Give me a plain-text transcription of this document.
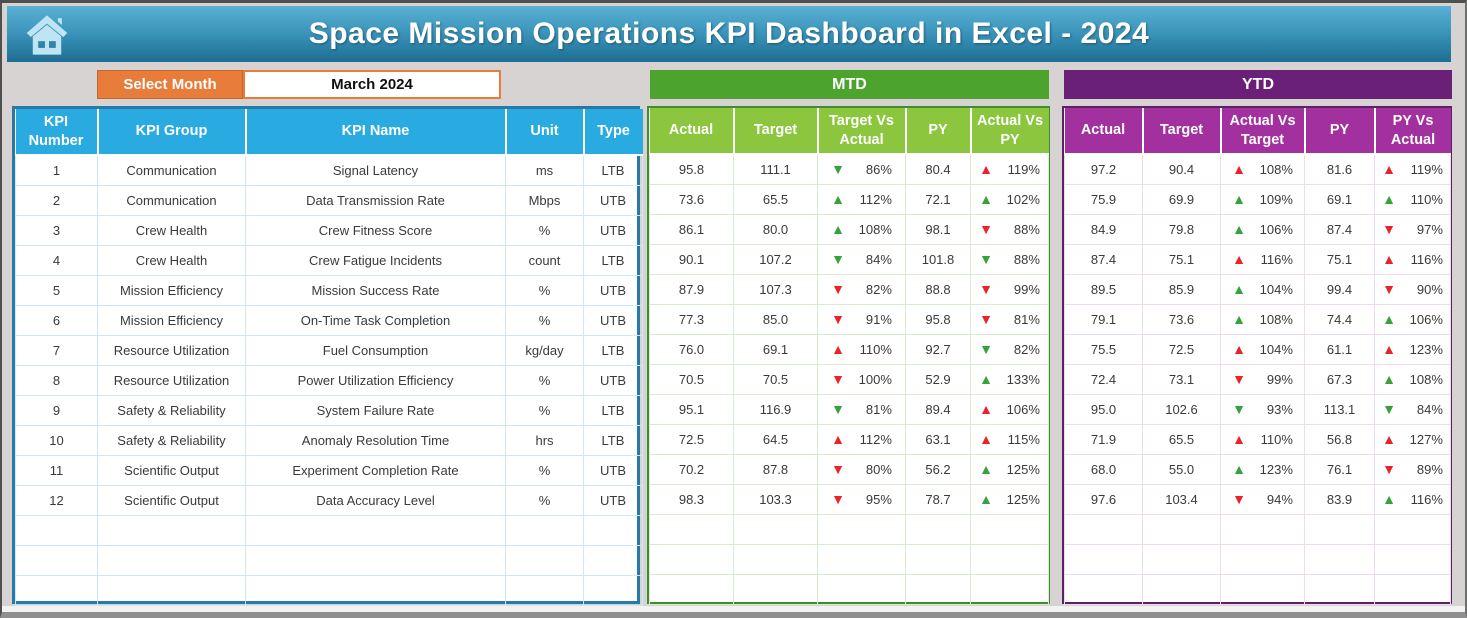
Space Mission Operations KPI Dashboard in Excel - 2024
Select Month	March 2024	MTD	YTD
KPI Number	KPI Group	KPI Name	Unit	Type
1	Communication	Signal Latency	ms	LTB
2	Communication	Data Transmission Rate	Mbps	UTB
3	Crew Health	Crew Fitness Score	%	UTB
4	Crew Health	Crew Fatigue Incidents	count	LTB
5	Mission Efficiency	Mission Success Rate	%	UTB
6	Mission Efficiency	On-Time Task Completion	%	UTB
7	Resource Utilization	Fuel Consumption	kg/day	LTB
8	Resource Utilization	Power Utilization Efficiency	%	UTB
9	Safety & Reliability	System Failure Rate	%	LTB
10	Safety & Reliability	Anomaly Resolution Time	hrs	LTB
11	Scientific Output	Experiment Completion Rate	%	UTB
12	Scientific Output	Data Accuracy Level	%	UTB

Actual	Target	Target Vs Actual	PY	Actual Vs PY
95.8	111.1	▼ 86%	80.4	▲ 119%

73.6	65.5	▲ 112%	72.1	▲ 102%

86.1	80.0	▲ 108%	98.1	▼ 88%

90.1	107.2	▼ 84%	101.8	▼ 88%

87.9	107.3	▼ 82%	88.8	▼ 99%

77.3	85.0	▼ 91%	95.8	▼ 81%

76.0	69.1	▲ 110%	92.7	▼ 82%

70.5	70.5	▼ 100%	52.9	▲ 133%

95.1	116.9	▼ 81%	89.4	▲ 106%

72.5	64.5	▲ 112%	63.1	▲ 115%

70.2	87.8	▼ 80%	56.2	▲ 125%

98.3	103.3	▼ 95%	78.7	▲ 125%

Actual	Target	Actual Vs Target	PY	PY Vs Actual
97.2	90.4	▲ 108%	81.6	▲ 119%

75.9	69.9	▲ 109%	69.1	▲ 110%

84.9	79.8	▲ 106%	87.4	▼ 97%

87.4	75.1	▲ 116%	75.1	▲ 116%

89.5	85.9	▲ 104%	99.4	▼ 90%

79.1	73.6	▲ 108%	74.4	▲ 106%

75.5	72.5	▲ 104%	61.1	▲ 123%

72.4	73.1	▼ 99%	67.3	▲ 108%

95.0	102.6	▼ 93%	113.1	▼ 84%

71.9	65.5	▲ 110%	56.8	▲ 127%

68.0	55.0	▲ 123%	76.1	▼ 89%

97.6	103.4	▼ 94%	83.9	▲ 116%
